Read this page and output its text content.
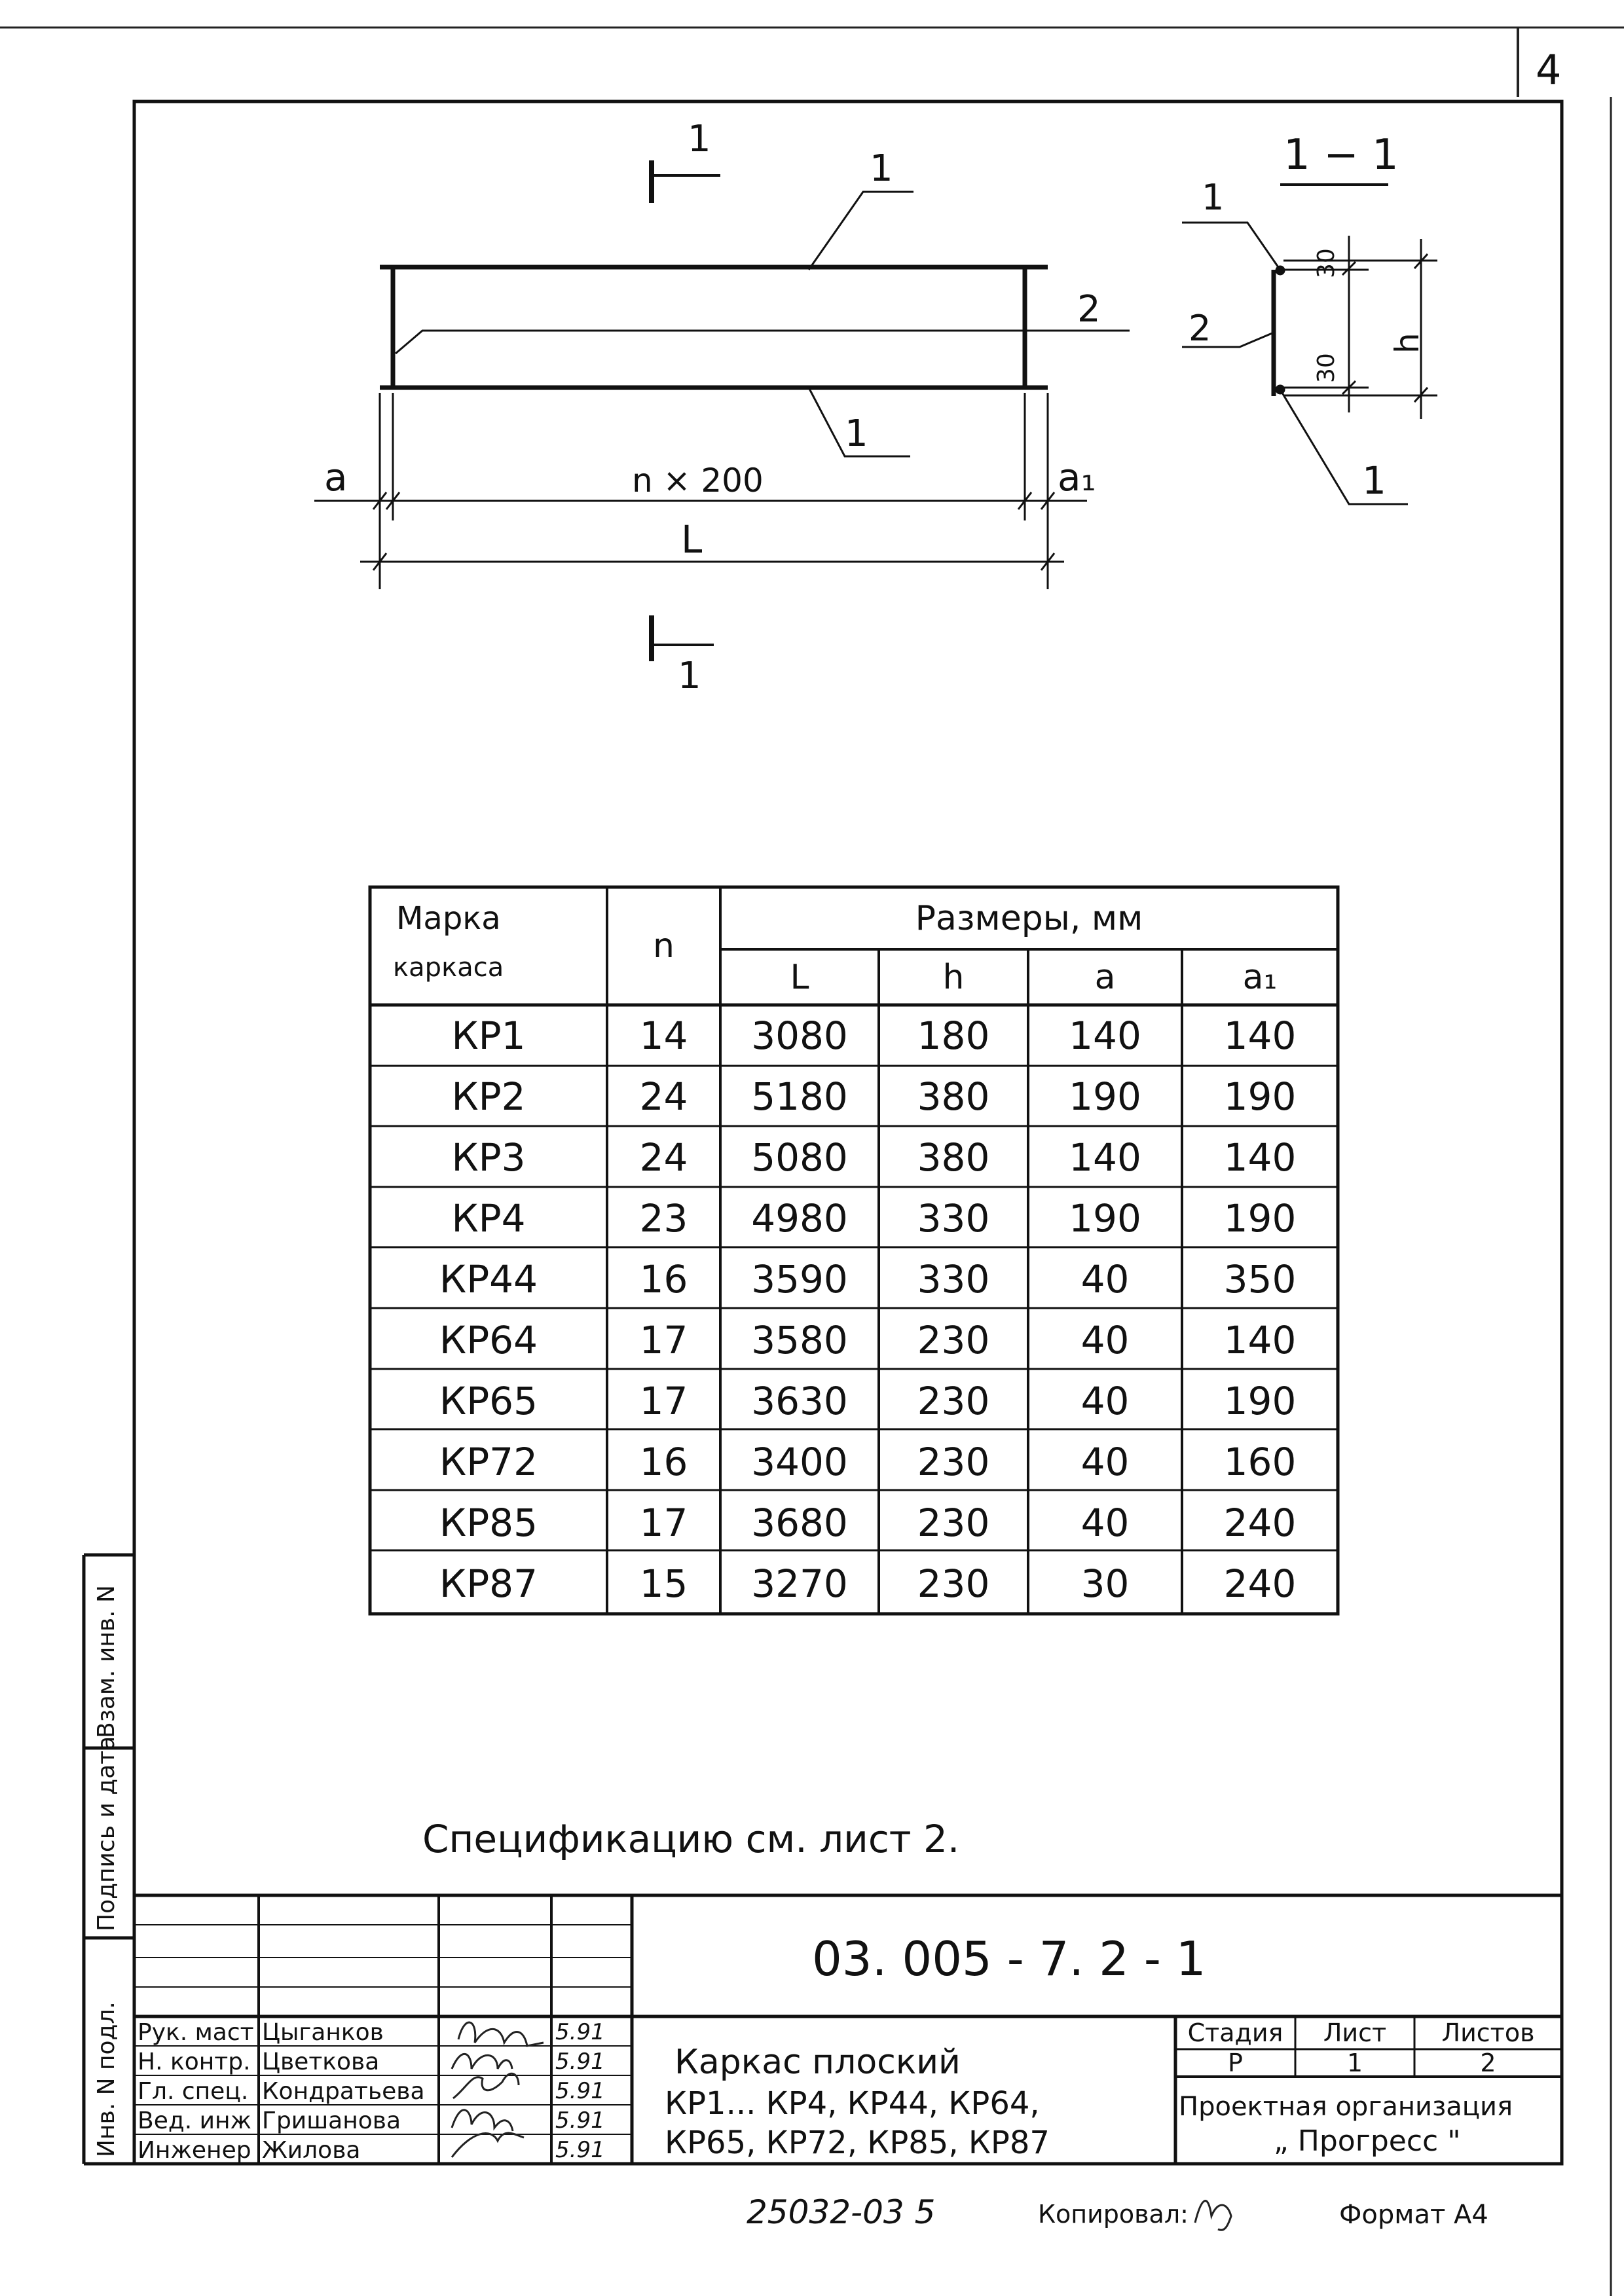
4
1
1
1
2
1
a	n × 200	a₁
L
1 − 1
1
2
1
30
30
h
Марка
каркаса
n
Размеры, мм
L	h	a	a₁
КР1	14	3080	180	140	140
КР2	24	5180	380	190	190
КР3	24	5080	380	140	140
КР4	23	4980	330	190	190
КР44	16	3590	330	40	350
КР64	17	3580	230	40	140
КР65	17	3630	230	40	190
КР72	16	3400	230	40	160
КР85	17	3680	230	40	240
КР87	15	3270	230	30	240
Спецификацию см. лист 2.
03. 005 - 7. 2 - 1
Каркас плоский
КР1... КР4, КР44, КР64,
КР65, КР72, КР85, КР87
Стадия	Лист	Листов
Р	1	2
Проектная организация
„ Прогресс "
Рук. маст Цыганков	5.91
Н. контр. Цветкова	5.91
Гл. спец. Кондратьева	5.91
Вед. инж Гришанова	5.91
Инженер Жилова	5.91
Инв. N подл.
Подпись и дата
Взам. инв. N
25032-03 5	Копировал:	Формат А4
